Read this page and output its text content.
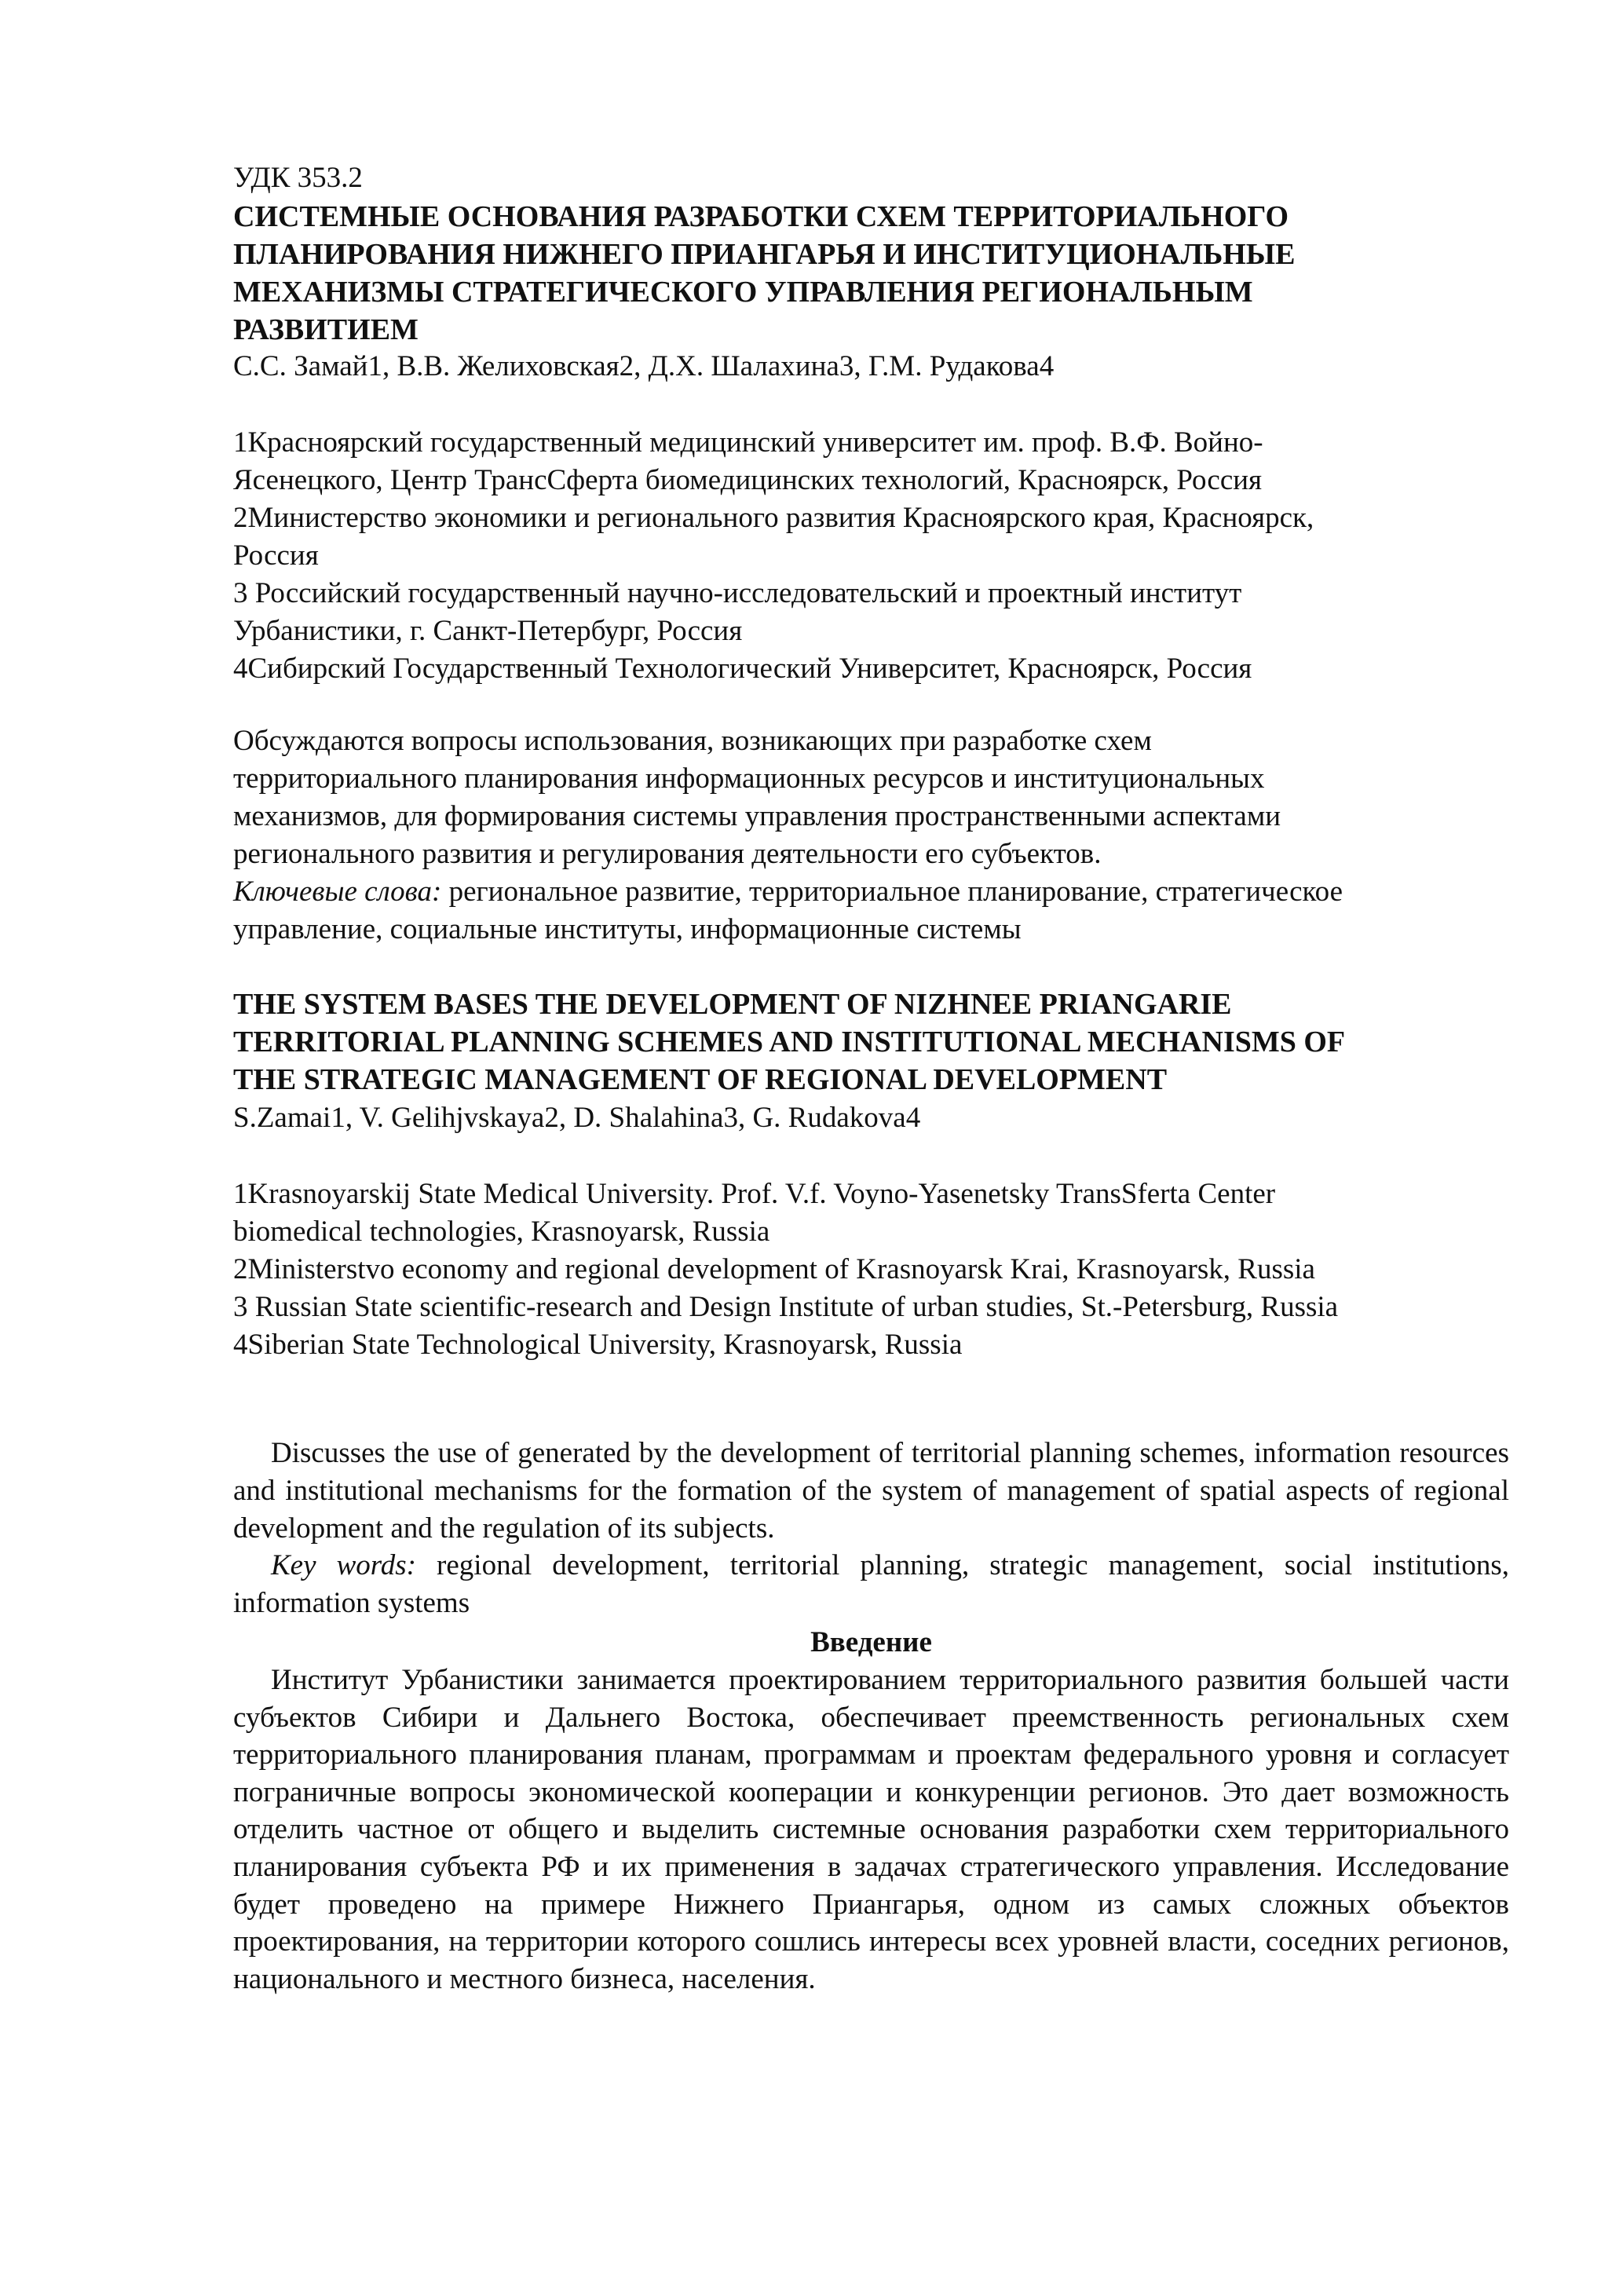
УДК 353.2
СИСТЕМНЫЕ ОСНОВАНИЯ РАЗРАБОТКИ СХЕМ ТЕРРИТОРИАЛЬНОГО
ПЛАНИРОВАНИЯ НИЖНЕГО ПРИАНГАРЬЯ И ИНСТИТУЦИОНАЛЬНЫЕ
МЕХАНИЗМЫ СТРАТЕГИЧЕСКОГО УПРАВЛЕНИЯ РЕГИОНАЛЬНЫМ
РАЗВИТИЕМ
С.С. Замай1, В.В. Желиховская2, Д.Х. Шалахина3, Г.М. Рудакова4
1Красноярский государственный медицинский университет им. проф. В.Ф. Войно-
Ясенецкого, Центр ТрансСферта биомедицинских технологий, Красноярск, Россия
2Министерство экономики и регионального развития Красноярского края, Красноярск,
Россия
3 Российский государственный научно-исследовательский и проектный институт
Урбанистики, г. Санкт-Петербург, Россия
4Сибирский Государственный Технологический Университет, Красноярск, Россия
Обсуждаются вопросы использования, возникающих при разработке схем
территориального планирования информационных ресурсов и институциональных
механизмов, для формирования системы управления пространственными аспектами
регионального развития и регулирования деятельности его субъектов.
Ключевые слова: региональное развитие, территориальное планирование, стратегическое
управление, социальные институты, информационные системы
THE SYSTEM BASES THE DEVELOPMENT OF NIZHNEE PRIANGARIE
TERRITORIAL PLANNING SCHEMES AND INSTITUTIONAL MECHANISMS OF
THE STRATEGIC MANAGEMENT OF REGIONAL DEVELOPMENT
S.Zamai1, V. Gelihjvskaya2, D. Shalahina3, G. Rudakova4
1Krasnoyarskij State Medical University. Prof. V.f. Voyno-Yasenetsky TransSferta Center
biomedical technologies, Krasnoyarsk, Russia
2Ministerstvo economy and regional development of Krasnoyarsk Krai, Krasnoyarsk, Russia
3 Russian State scientific-research and Design Institute of urban studies, St.-Petersburg, Russia
4Siberian State Technological University, Krasnoyarsk, Russia
Discusses the use of generated by the development of territorial planning schemes, information resources and institutional mechanisms for the formation of the system of management of spatial aspects of regional development and the regulation of its subjects.
Key words: regional development, territorial planning, strategic management, social institutions, information systems
Введение
Институт Урбанистики занимается проектированием территориального развития большей части субъектов Сибири и Дальнего Востока, обеспечивает преемственность региональных схем территориального планирования планам, программам и проектам федерального уровня и согласует пограничные вопросы экономической кооперации и конкуренции регионов. Это дает возможность отделить частное от общего и выделить системные основания разработки схем территориального планирования субъекта РФ и их применения в задачах стратегического управления. Исследование будет проведено на примере Нижнего Приангарья, одном из самых сложных объектов проектирования, на территории которого сошлись интересы всех уровней власти, соседних регионов, национального и местного бизнеса, населения.
